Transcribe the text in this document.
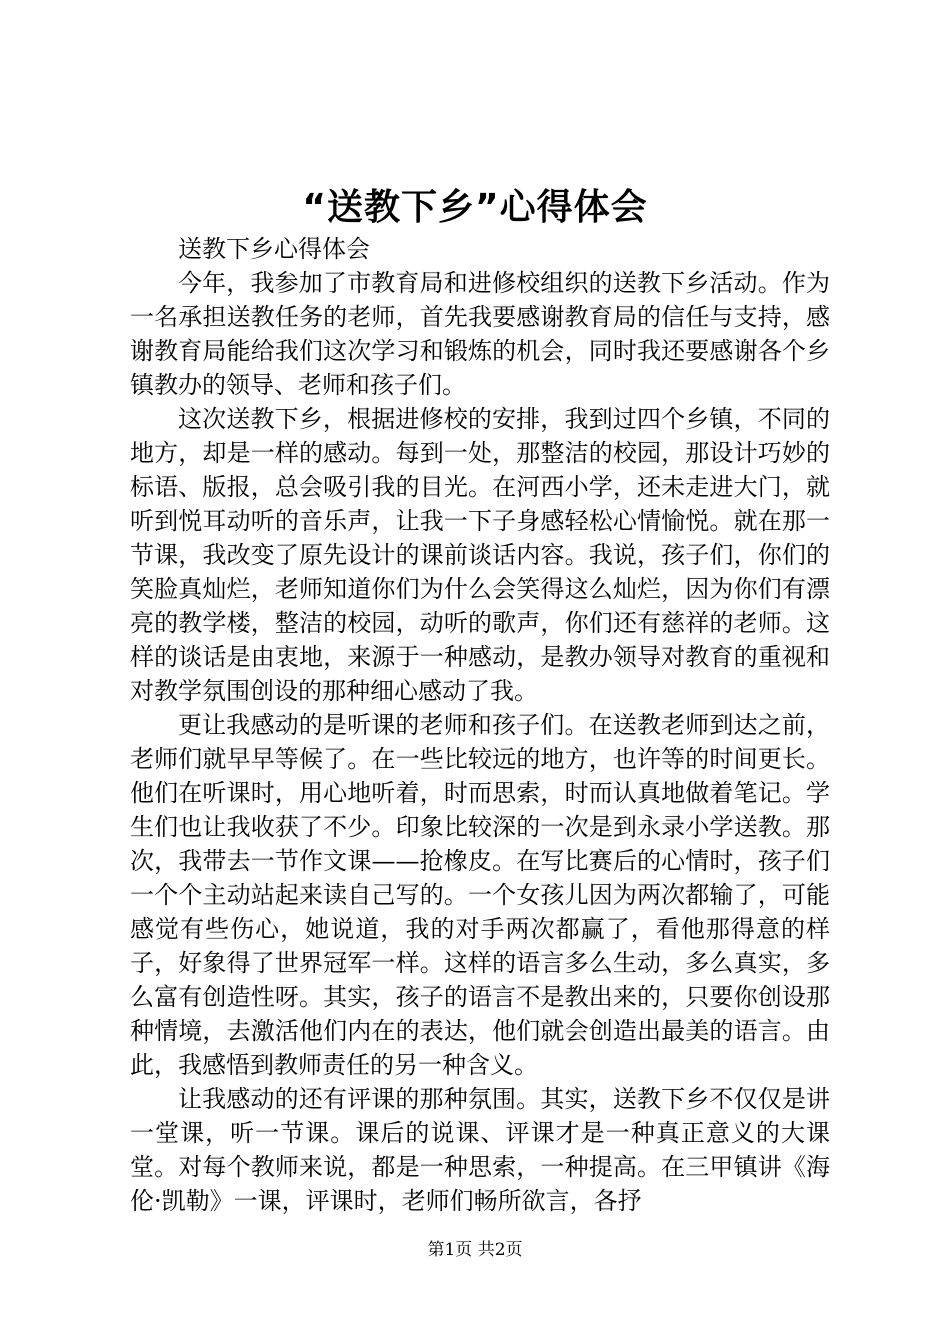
“送教下乡”心得体会

送教下乡心得体会

今年，我参加了市教育局和进修校组织的送教下乡活动。作为一名承担送教任务的老师，首先我要感谢教育局的信任与支持，感谢教育局能给我们这次学习和锻炼的机会，同时我还要感谢各个乡镇教办的领导、老师和孩子们。

这次送教下乡，根据进修校的安排，我到过四个乡镇，不同的地方，却是一样的感动。每到一处，那整洁的校园，那设计巧妙的标语、版报，总会吸引我的目光。在河西小学，还未走进大门，就听到悦耳动听的音乐声，让我一下子身感轻松心情愉悦。就在那一节课，我改变了原先设计的课前谈话内容。我说，孩子们，你们的笑脸真灿烂，老师知道你们为什么会笑得这么灿烂，因为你们有漂亮的教学楼，整洁的校园，动听的歌声，你们还有慈祥的老师。这样的谈话是由衷地，来源于一种感动，是教办领导对教育的重视和对教学氛围创设的那种细心感动了我。

更让我感动的是听课的老师和孩子们。在送教老师到达之前，老师们就早早等候了。在一些比较远的地方，也许等的时间更长。他们在听课时，用心地听着，时而思索，时而认真地做着笔记。学生们也让我收获了不少。印象比较深的一次是到永录小学送教。那次，我带去一节作文课——抢橡皮。在写比赛后的心情时，孩子们一个个主动站起来读自己写的。一个女孩儿因为两次都输了，可能感觉有些伤心，她说道，我的对手两次都赢了，看他那得意的样子，好象得了世界冠军一样。这样的语言多么生动，多么真实，多么富有创造性呀。其实，孩子的语言不是教出来的，只要你创设那种情境，去激活他们内在的表达，他们就会创造出最美的语言。由此，我感悟到教师责任的另一种含义。

让我感动的还有评课的那种氛围。其实，送教下乡不仅仅是讲一堂课，听一节课。课后的说课、评课才是一种真正意义的大课堂。对每个教师来说，都是一种思索，一种提高。在三甲镇讲《海伦·凯勒》一课，评课时，老师们畅所欲言，各抒

第1页 共2页
